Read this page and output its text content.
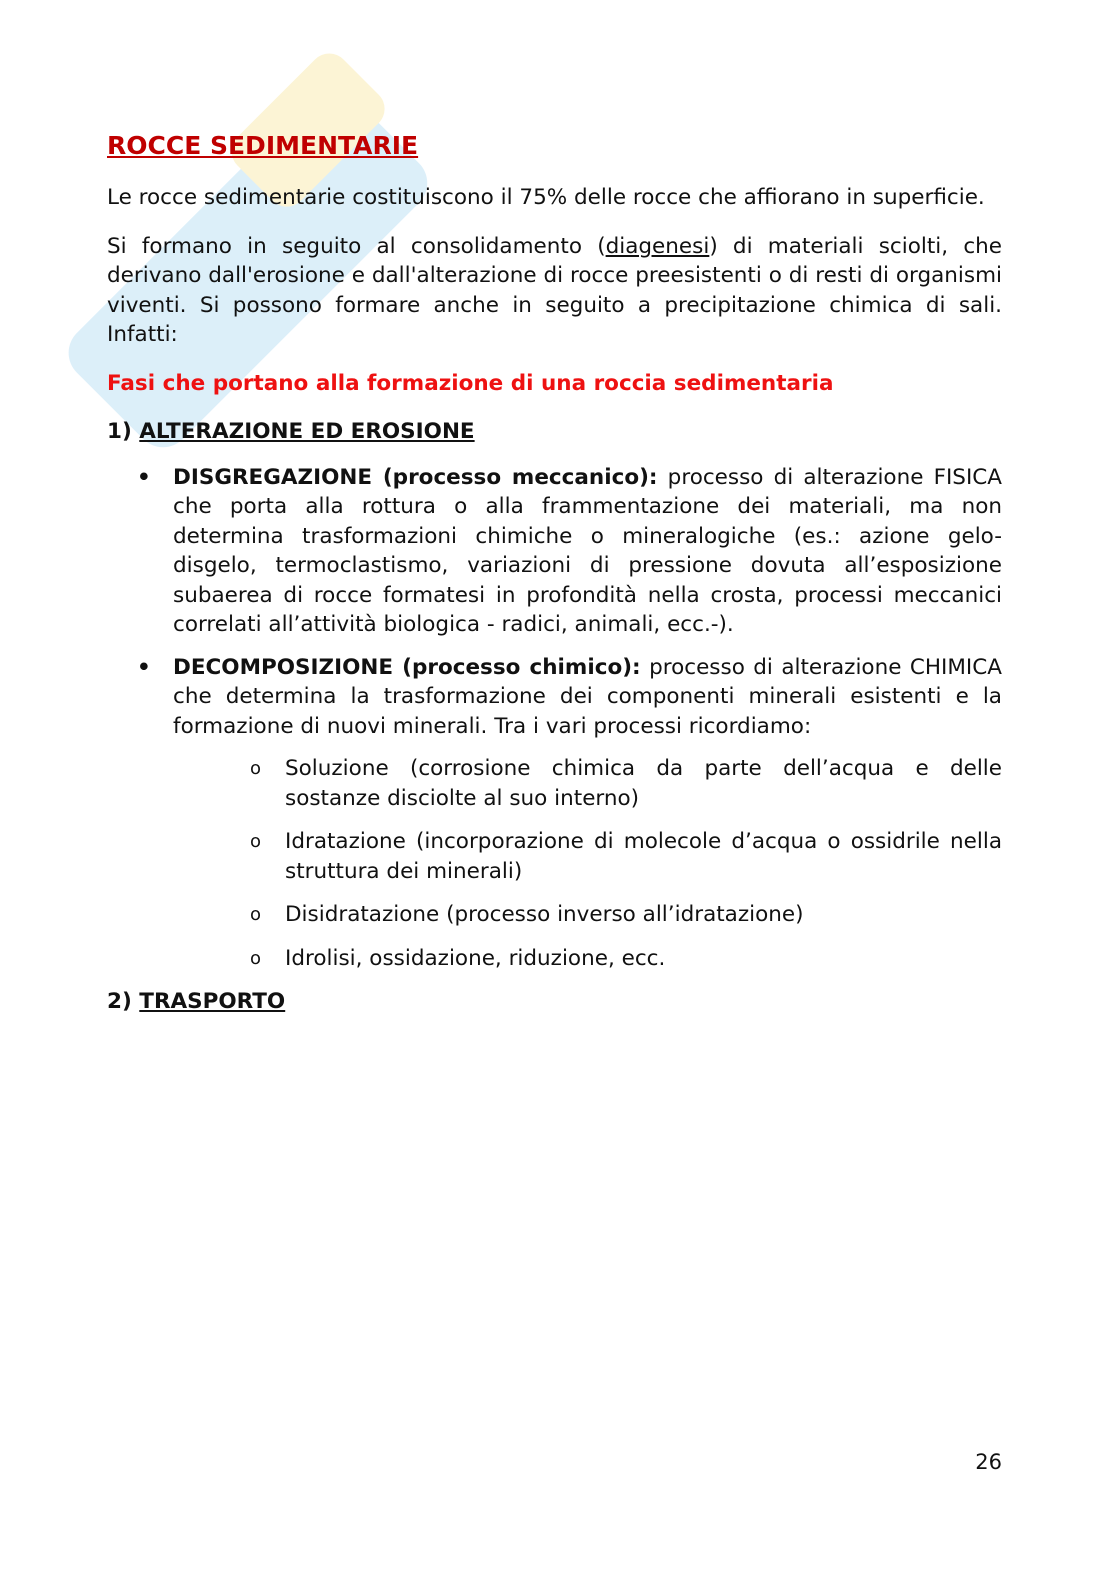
ROCCE SEDIMENTARIE

Le rocce sedimentarie costituiscono il 75% delle rocce che affiorano in superficie.

Si formano in seguito al consolidamento (diagenesi) di materiali sciolti, che derivano dall'erosione e dall'alterazione di rocce preesistenti o di resti di organismi viventi. Si possono formare anche in seguito a precipitazione chimica di sali. Infatti:

Fasi che portano alla formazione di una roccia sedimentaria
1) ALTERAZIONE ED EROSIONE
• DISGREGAZIONE (processo meccanico): processo di alterazione FISICA che porta alla rottura o alla frammentazione dei materiali, ma non determina trasformazioni chimiche o mineralogiche (es.: azione gelo-disgelo, termoclastismo, variazioni di pressione dovuta all’esposizione subaerea di rocce formatesi in profondità nella crosta, processi meccanici correlati all’attività biologica - radici, animali, ecc.-).
• DECOMPOSIZIONE (processo chimico): processo di alterazione CHIMICA che determina la trasformazione dei componenti minerali esistenti e la formazione di nuovi minerali. Tra i vari processi ricordiamo:
o Soluzione (corrosione chimica da parte dell’acqua e delle sostanze disciolte al suo interno)
o Idratazione (incorporazione di molecole d’acqua o ossidrile nella struttura dei minerali)
o Disidratazione (processo inverso all’idratazione)
o Idrolisi, ossidazione, riduzione, ecc.
2) TRASPORTO
26
